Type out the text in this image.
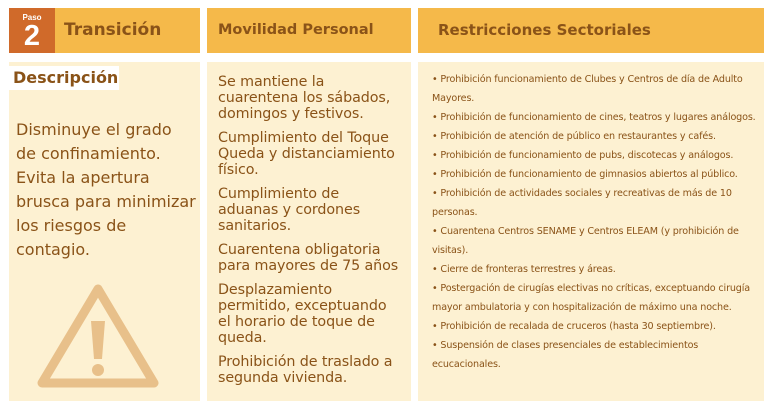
Paso
2	Transición	Movilidad Personal	Restricciones Sectoriales
Descripción
Disminuye el grado de confinamiento. Evita la apertura brusca para minimizar los riesgos de contagio.
Se mantiene la cuarentena los sábados, domingos y festivos.
Cumplimiento del Toque Queda y distanciamiento físico.
Cumplimiento de aduanas y cordones sanitarios.
Cuarentena obligatoria para mayores de 75 años
Desplazamiento permitido, exceptuando el horario de toque de queda.
Prohibición de traslado a segunda vivienda.
• Prohibición funcionamiento de Clubes y Centros de día de Adulto Mayores.
• Prohibición de funcionamiento de cines, teatros y lugares análogos.
• Prohibición de atención de público en restaurantes y cafés.
• Prohibición de funcionamiento de pubs, discotecas y análogos.
• Prohibición de funcionamiento de gimnasios abiertos al público.
• Prohibición de actividades sociales y recreativas de más de 10 personas.
• Cuarentena Centros SENAME y Centros ELEAM (y prohibición de visitas).
• Cierre de fronteras terrestres y áreas.
• Postergación de cirugías electivas no críticas, exceptuando cirugía mayor ambulatoria y con hospitalización de máximo una noche.
• Prohibición de recalada de cruceros (hasta 30 septiembre).
• Suspensión de clases presenciales de establecimientos ecucacionales.
